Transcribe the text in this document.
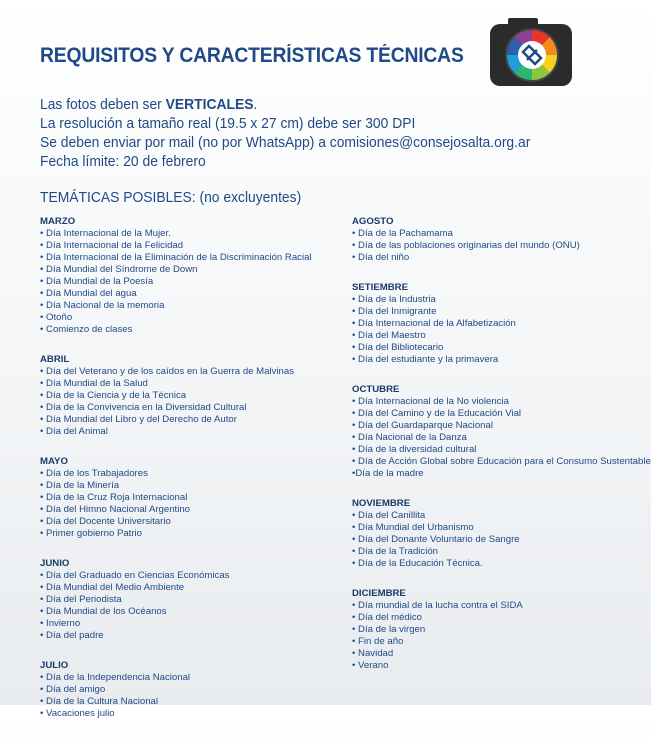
REQUISITOS Y CARACTERÍSTICAS TÉCNICAS
Las fotos deben ser VERTICALES.
La resolución a tamaño real (19.5 x 27 cm) debe ser 300 DPI
Se deben enviar por mail (no por WhatsApp) a comisiones@consejosalta.org.ar
Fecha límite: 20 de febrero
TEMÁTICAS POSIBLES: (no excluyentes)
MARZO
• Día Internacional de la Mujer.
• Día Internacional de la Felicidad
• Día Internacional de la Eliminación de la Discriminación Racial
• Día Mundial del Síndrome de Down
• Día Mundial de la Poesía
• Día Mundial del agua
• Día Nacional de la memoria
• Otoño
• Comienzo de clases
ABRIL
• Día del Veterano y de los caídos en la Guerra de Malvinas
• Día Mundial de la Salud
• Día de la Ciencia y de la Técnica
• Día de la Convivencia en la Diversidad Cultural
• Día Mundial del Libro y del Derecho de Autor
• Día del Animal
MAYO
• Día de los Trabajadores
• Día de la Minería
• Día de la Cruz Roja Internacional
• Día del Himno Nacional Argentino
• Día del Docente Universitario
• Primer gobierno Patrio
JUNIO
• Día del Graduado en Ciencias Económicas
• Día Mundial del Medio Ambiente
• Día del Periodista
• Día Mundial de los Océanos
• Invierno
• Día del padre
JULIO
• Día de la Independencia Nacional
• Día del amigo
• Día de la Cultura Nacional
• Vacaciones julio
AGOSTO
• Día de la Pachamama
• Día de las poblaciones originarias del mundo (ONU)
• Día del niño
SETIEMBRE
• Día de la Industria
• Día del Inmigrante
• Día Internacional de la Alfabetización
• Día del Maestro
• Día del Bibliotecario
• Día del estudiante y la primavera
OCTUBRE
• Día Internacional de la No violencia
• Día del Camino y de la Educación Vial
• Día del Guardaparque Nacional
• Día Nacional de la Danza
• Día de la diversidad cultural
• Día de Acción Global sobre Educación para el Consumo Sustentable
•Día de la madre
NOVIEMBRE
• Día del Canillita
• Día Mundial del Urbanismo
• Día del Donante Voluntario de Sangre
• Día de la Tradición
• Día de la Educación Técnica.
DICIEMBRE
• Día mundial de la lucha contra el SIDA
• Día del médico
• Día de la virgen
• Fin de año
• Navidad
• Verano
